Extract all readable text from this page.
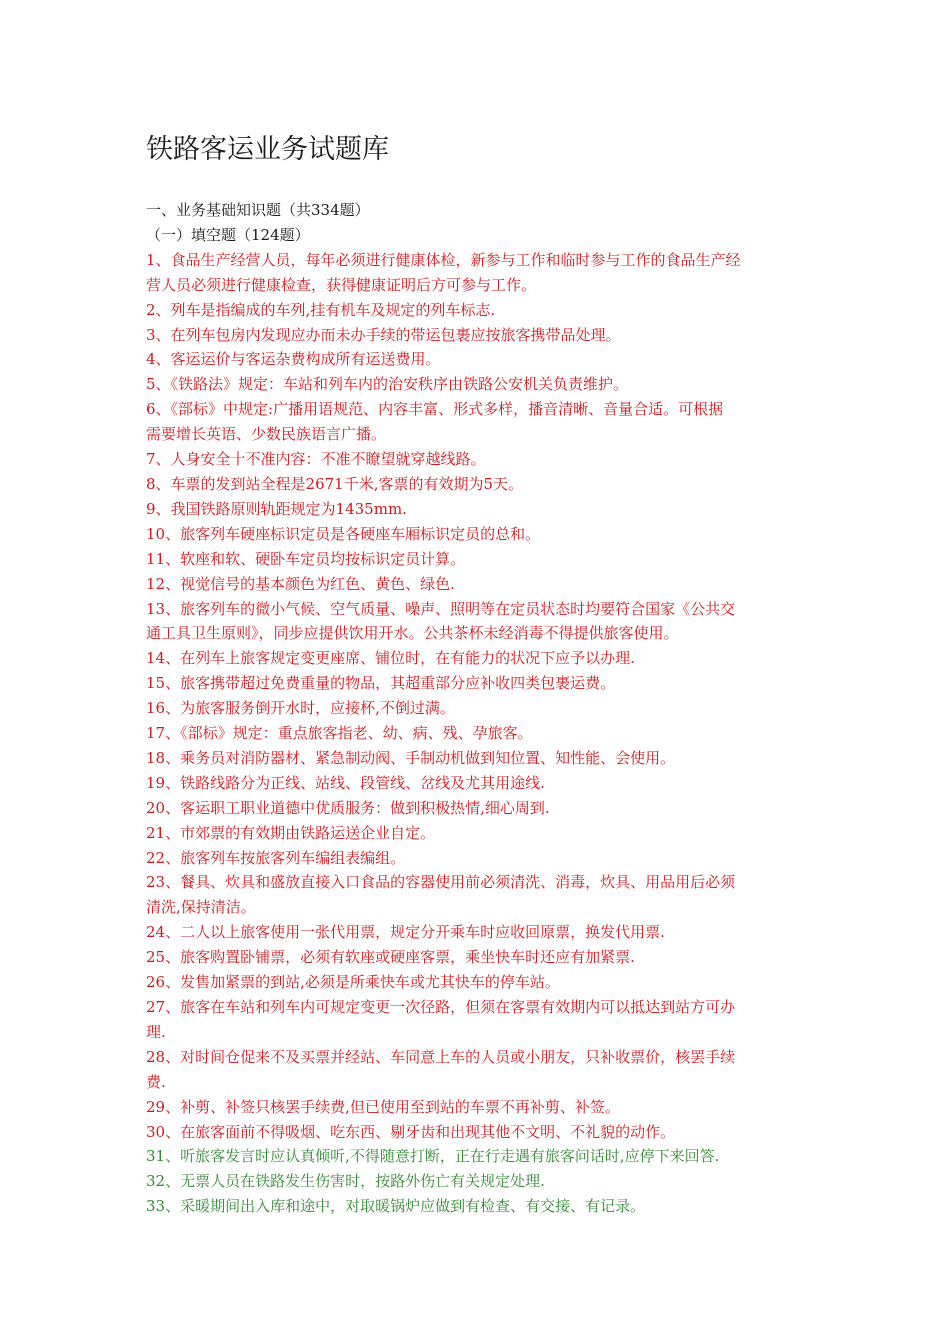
铁路客运业务试题库

一、业务基础知识题（共334题）

（一）填空题（124题）

1、食品生产经营人员，每年必须进行健康体检，新参与工作和临时参与工作的食品生产经
营人员必须进行健康检查，获得健康证明后方可参与工作。

2、列车是指编成的车列,挂有机车及规定的列车标志.

3、在列车包房内发现应办而未办手续的带运包裹应按旅客携带品处理。

4、客运运价与客运杂费构成所有运送费用。

5、《铁路法》规定：车站和列车内的治安秩序由铁路公安机关负责维护。

6、《部标》中规定:广播用语规范、内容丰富、形式多样，播音清晰、音量合适。可根据
需要增长英语、少数民族语言广播。

7、人身安全十不准内容：不准不瞭望就穿越线路。

8、车票的发到站全程是2671千米,客票的有效期为5天。

9、我国铁路原则轨距规定为1435mm.

10、旅客列车硬座标识定员是各硬座车厢标识定员的总和。

11、软座和软、硬卧车定员均按标识定员计算。

12、视觉信号的基本颜色为红色、黄色、绿色.

13、旅客列车的微小气候、空气质量、噪声、照明等在定员状态时均要符合国家《公共交
通工具卫生原则》，同步应提供饮用开水。公共茶杯未经消毒不得提供旅客使用。

14、在列车上旅客规定变更座席、铺位时，在有能力的状况下应予以办理.

15、旅客携带超过免费重量的物品，其超重部分应补收四类包裹运费。

16、为旅客服务倒开水时，应接杯,不倒过满。

17、《部标》规定：重点旅客指老、幼、病、残、孕旅客。

18、乘务员对消防器材、紧急制动阀、手制动机做到知位置、知性能、会使用。

19、铁路线路分为正线、站线、段管线、岔线及尤其用途线.

20、客运职工职业道德中优质服务：做到积极热情,细心周到.

21、市郊票的有效期由铁路运送企业自定。

22、旅客列车按旅客列车编组表编组。

23、餐具、炊具和盛放直接入口食品的容器使用前必须清洗、消毒，炊具、用品用后必须
清洗,保持清洁。

24、二人以上旅客使用一张代用票，规定分开乘车时应收回原票，换发代用票.

25、旅客购置卧铺票，必须有软座或硬座客票，乘坐快车时还应有加紧票.

26、发售加紧票的到站,必须是所乘快车或尤其快车的停车站。

27、旅客在车站和列车内可规定变更一次径路，但须在客票有效期内可以抵达到站方可办
理.

28、对时间仓促来不及买票并经站、车同意上车的人员或小朋友，只补收票价，核罢手续
费.

29、补剪、补签只核罢手续费,但已使用至到站的车票不再补剪、补签。

30、在旅客面前不得吸烟、吃东西、剔牙齿和出现其他不文明、不礼貌的动作。

31、听旅客发言时应认真倾听,不得随意打断，正在行走遇有旅客问话时,应停下来回答.

32、无票人员在铁路发生伤害时，按路外伤亡有关规定处理.

33、采暖期间出入库和途中，对取暖锅炉应做到有检查、有交接、有记录。
